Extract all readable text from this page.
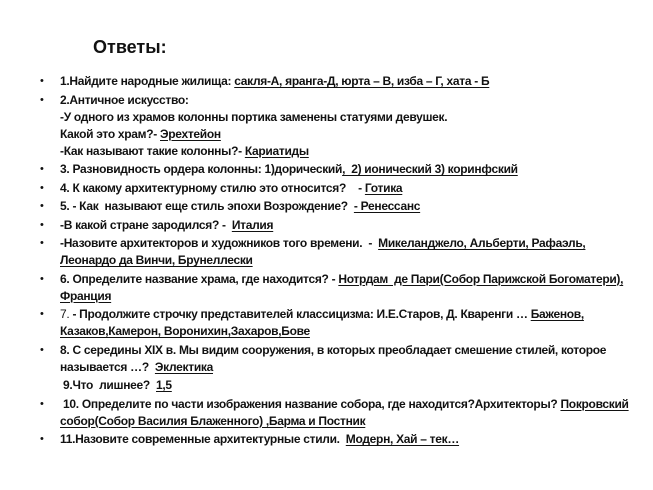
Ответы:
•	1.Найдите народные жилища: сакля-А, яранга-Д, юрта – В, изба – Г, хата - Б
•	2.Античное искусство:
-У одного из храмов колонны портика заменены статуями девушек.
Какой это храм?- Эрехтейон
-Как называют такие колонны?- Кариатиды
•	3. Разновидность ордера колонны: 1)дорический,  2) ионический 3) коринфский
•	4. К какому архитектурному стилю это относится?    - Готика
•	5. - Как  называют еще стиль эпохи Возрождение?  - Ренессанс
•	-В какой стране зародился? -  Италия
•	-Назовите архитекторов и художников того времени.  -  Микеланджело, Альберти, Рафаэль,
Леонардо да Винчи, Брунеллески
•	6. Определите название храма, где находится? - Нотрдам  де Пари(Собор Парижской Богоматери),
Франция
•	7. - Продолжите строчку представителей классицизма: И.Е.Старов, Д. Кваренги … Баженов,
Казаков,Камерон, Воронихин,Захаров,Бове
•	8. С середины XIX в. Мы видим сооружения, в которых преобладает смешение стилей, которое
называется …?  Эклектика
9.Что  лишнее?  1,5
•	10. Определите по части изображения название собора, где находится?Архитекторы? Покровский
собор(Собор Василия Блаженного) ,Барма и Постник
•	11.Назовите современные архитектурные стили.  Модерн, Хай – тек…
